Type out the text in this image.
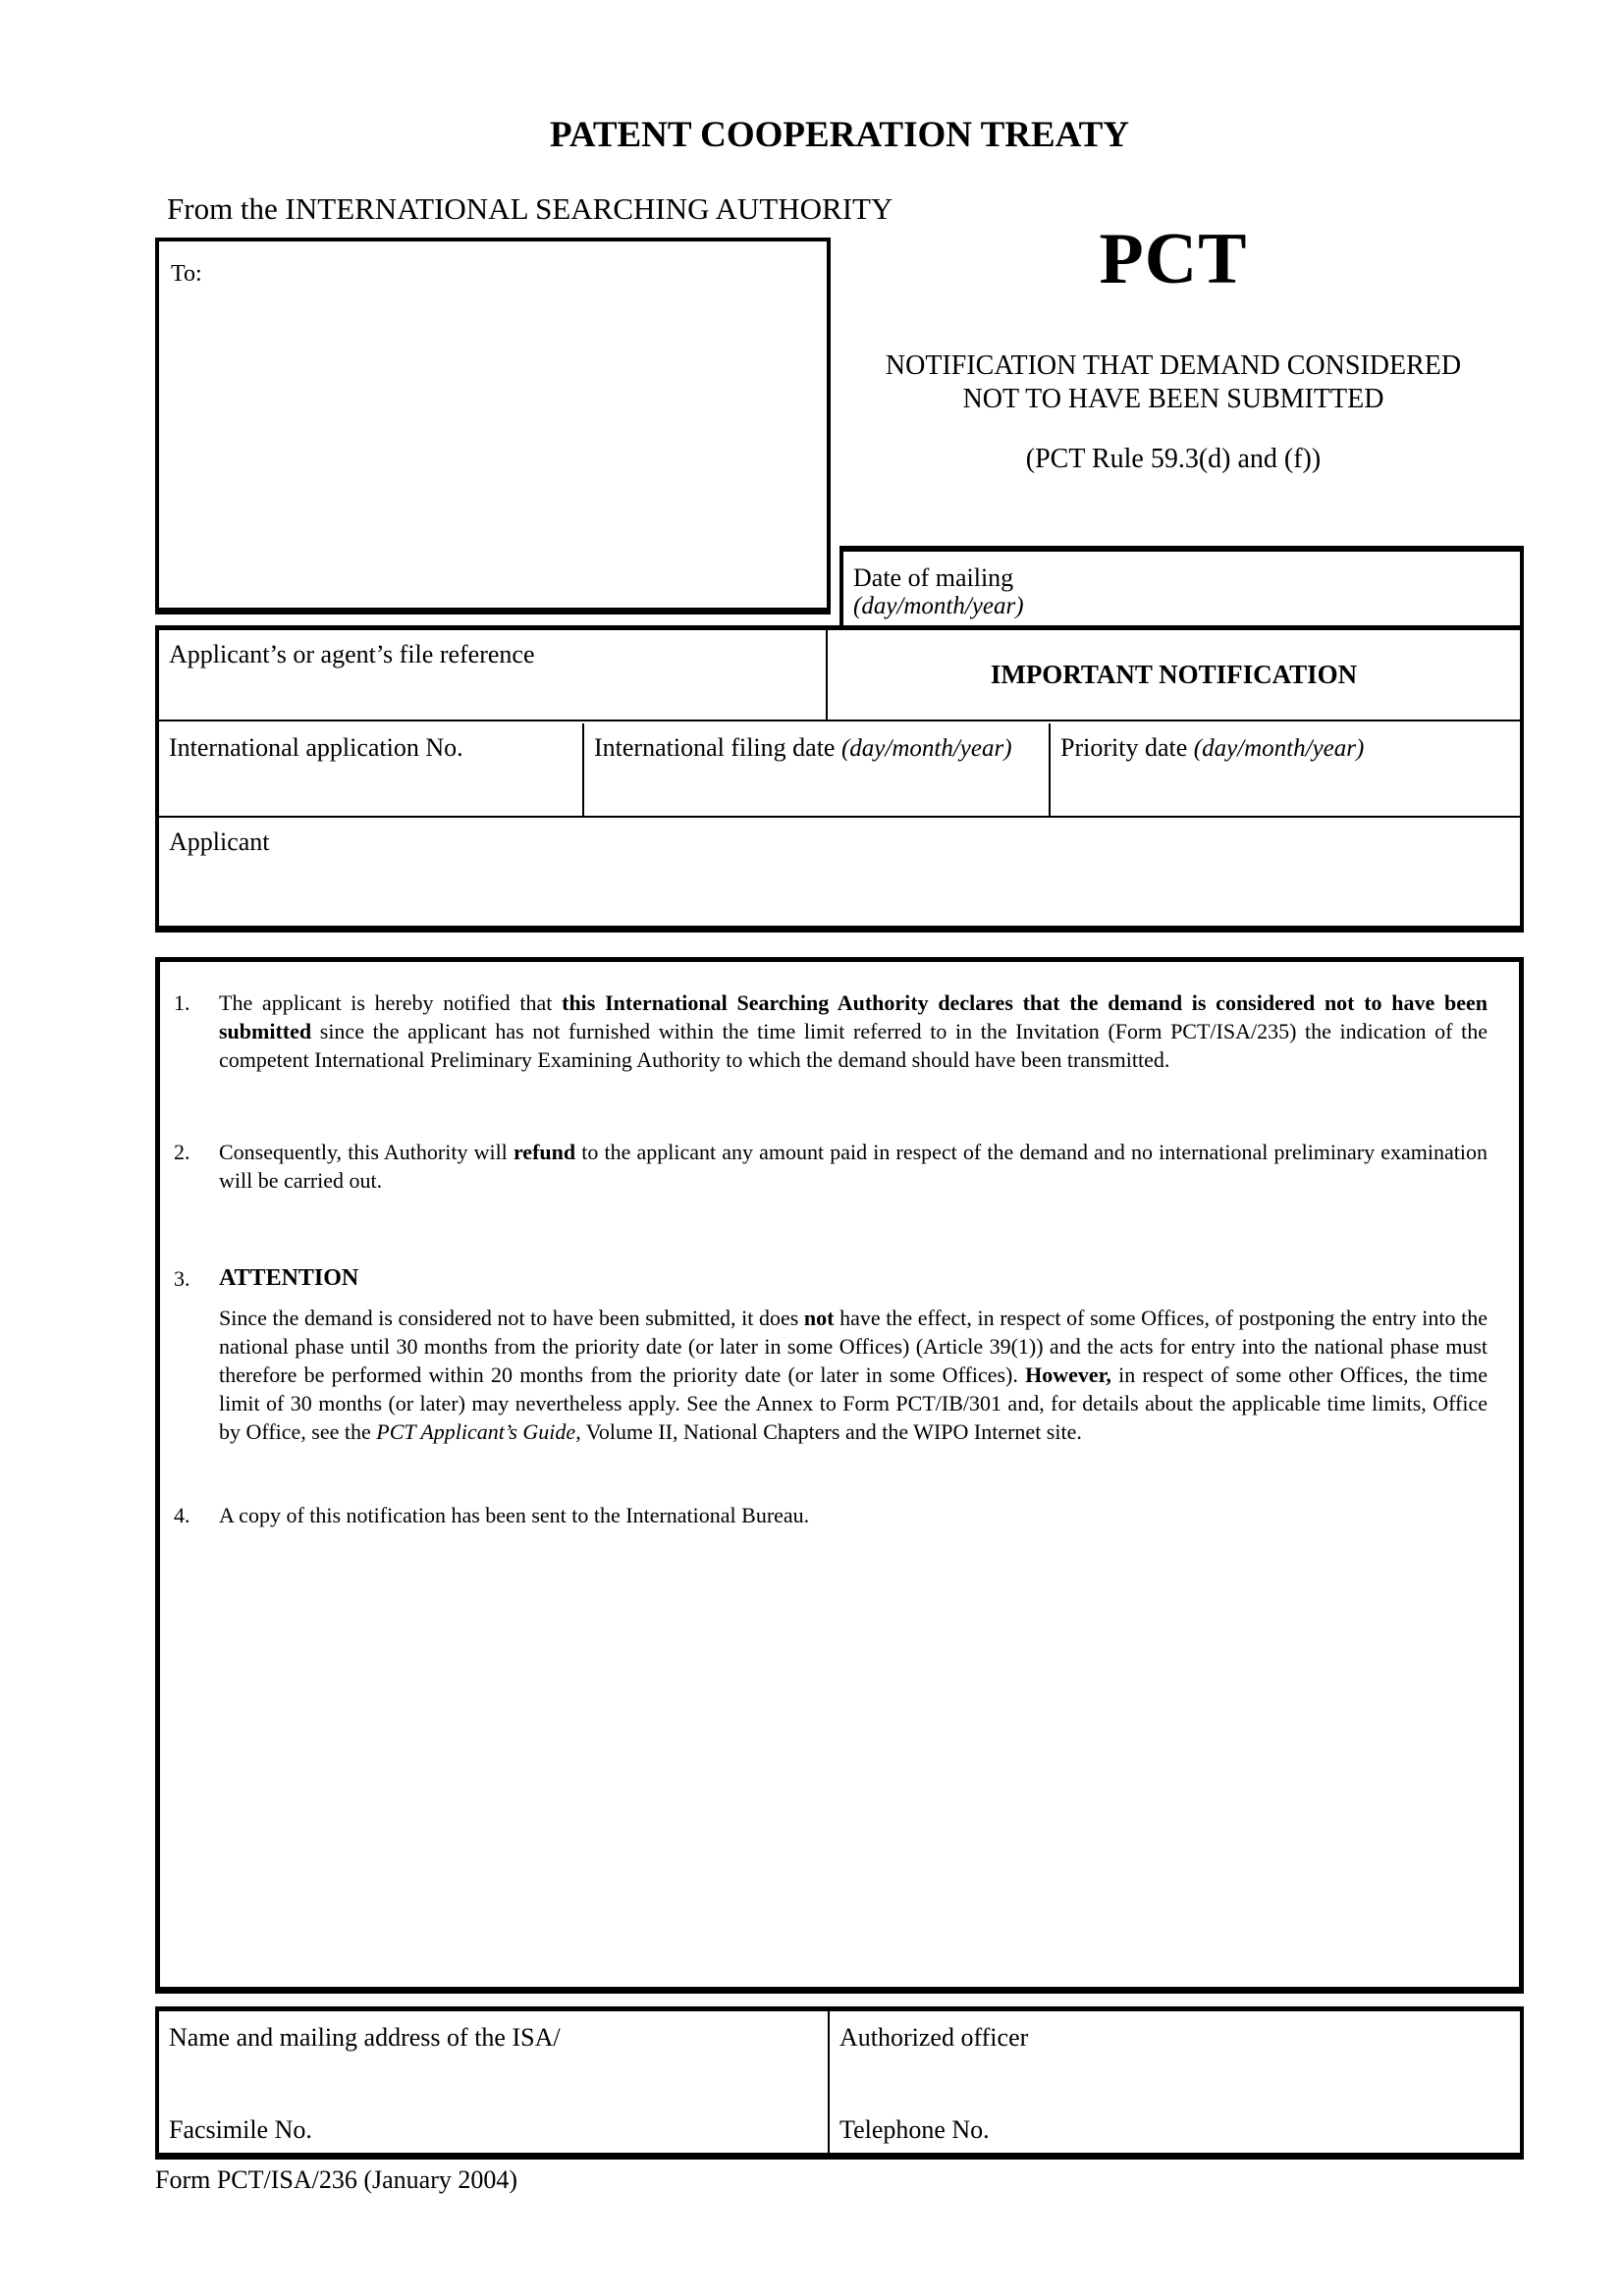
PATENT COOPERATION TREATY
From the INTERNATIONAL SEARCHING AUTHORITY
To:	PCT
NOTIFICATION THAT DEMAND CONSIDERED
NOT TO HAVE BEEN SUBMITTED
(PCT Rule 59.3(d) and (f))
Date of mailing
(day/month/year)
Applicant’s or agent’s file reference
IMPORTANT NOTIFICATION
International application No.	International filing date (day/month/year)	Priority date (day/month/year)
Applicant
1.	The applicant is hereby notified that this International Searching Authority declares that the demand is considered not to have been submitted since the applicant has not furnished within the time limit referred to in the Invitation (Form PCT/ISA/235) the indication of the competent International Preliminary Examining Authority to which the demand should have been transmitted.
2.	Consequently, this Authority will refund to the applicant any amount paid in respect of the demand and no international preliminary examination will be carried out.
3.	ATTENTION
Since the demand is considered not to have been submitted, it does not have the effect, in respect of some Offices, of postponing the entry into the national phase until 30 months from the priority date (or later in some Offices) (Article 39(1)) and the acts for entry into the national phase must therefore be performed within 20 months from the priority date (or later in some Offices). However, in respect of some other Offices, the time limit of 30 months (or later) may nevertheless apply. See the Annex to Form PCT/IB/301 and, for details about the applicable time limits, Office by Office, see the PCT Applicant’s Guide, Volume II, National Chapters and the WIPO Internet site.
4.	A copy of this notification has been sent to the International Bureau.
Name and mailing address of the ISA/
Facsimile No.
Authorized officer
Telephone No.
Form PCT/ISA/236 (January 2004)
